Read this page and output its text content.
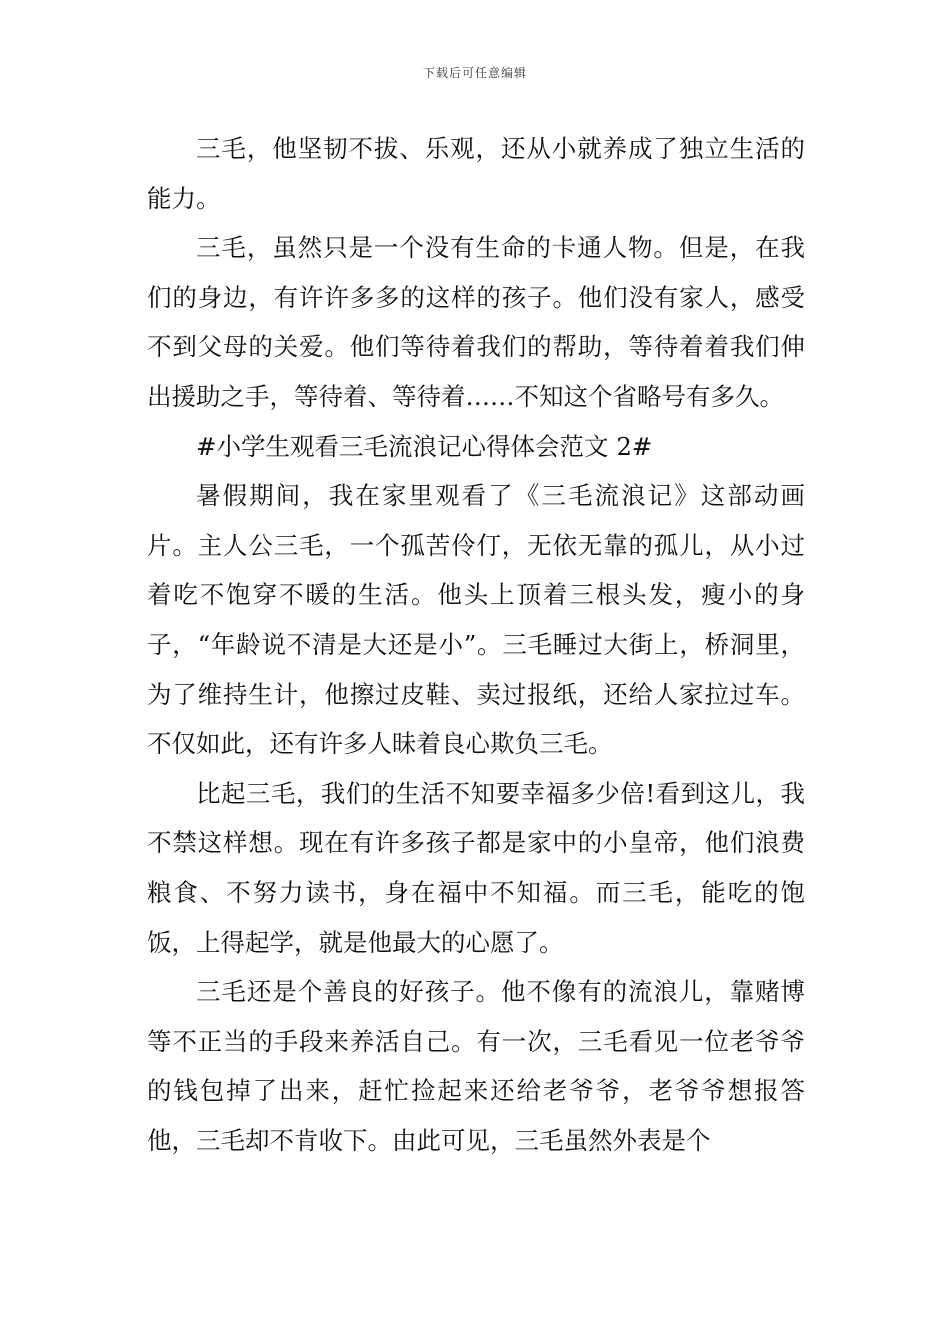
下载后可任意编辑

三毛，他坚韧不拔、乐观，还从小就养成了独立生活的能力。

三毛，虽然只是一个没有生命的卡通人物。但是，在我们的身边，有许许多多的这样的孩子。他们没有家人，感受不到父母的关爱。他们等待着我们的帮助，等待着着我们伸出援助之手，等待着、等待着……不知这个省略号有多久。

#小学生观看三毛流浪记心得体会范文 2#

暑假期间，我在家里观看了《三毛流浪记》这部动画片。主人公三毛，一个孤苦伶仃，无依无靠的孤儿，从小过着吃不饱穿不暖的生活。他头上顶着三根头发，瘦小的身子，“年龄说不清是大还是小”。三毛睡过大街上，桥洞里，为了维持生计，他擦过皮鞋、卖过报纸，还给人家拉过车。不仅如此，还有许多人昧着良心欺负三毛。

比起三毛，我们的生活不知要幸福多少倍!看到这儿，我不禁这样想。现在有许多孩子都是家中的小皇帝，他们浪费粮食、不努力读书，身在福中不知福。而三毛，能吃的饱饭，上得起学，就是他最大的心愿了。

三毛还是个善良的好孩子。他不像有的流浪儿，靠赌博等不正当的手段来养活自己。有一次，三毛看见一位老爷爷的钱包掉了出来，赶忙捡起来还给老爷爷，老爷爷想报答他，三毛却不肯收下。由此可见，三毛虽然外表是个
